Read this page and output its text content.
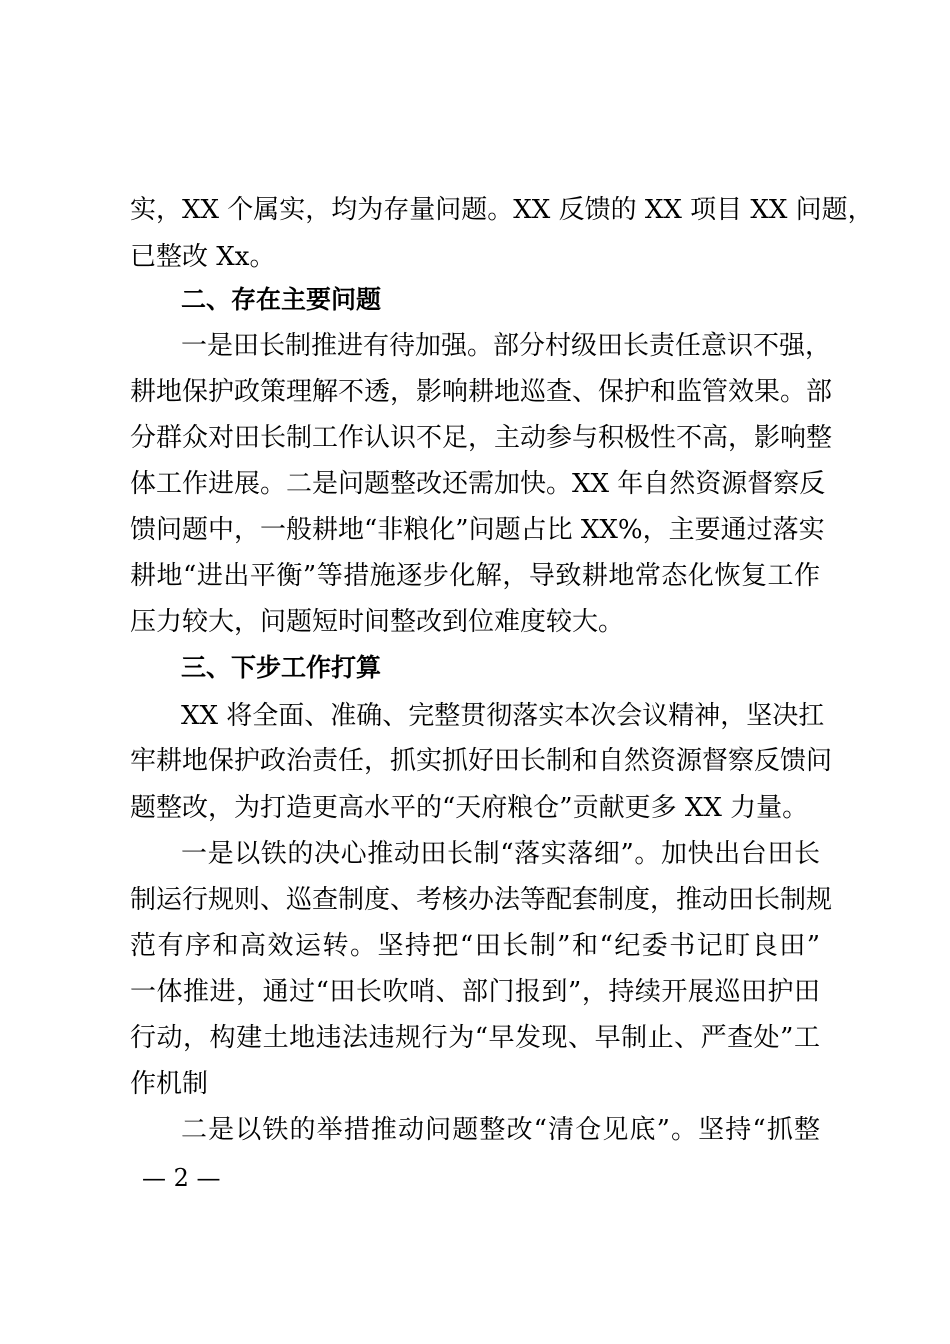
实，XX 个属实，均为存量问题。XX 反馈的 XX 项目 XX 问题，
已整改 Xx。
二、存在主要问题
一是田长制推进有待加强。部分村级田长责任意识不强，
耕地保护政策理解不透，影响耕地巡查、保护和监管效果。部
分群众对田长制工作认识不足，主动参与积极性不高，影响整
体工作进展。二是问题整改还需加快。XX 年自然资源督察反
馈问题中，一般耕地“非粮化”问题占比 XX%，主要通过落实
耕地“进出平衡”等措施逐步化解，导致耕地常态化恢复工作
压力较大，问题短时间整改到位难度较大。
三、下步工作打算
XX 将全面、准确、完整贯彻落实本次会议精神，坚决扛
牢耕地保护政治责任，抓实抓好田长制和自然资源督察反馈问
题整改，为打造更高水平的“天府粮仓”贡献更多 XX 力量。
一是以铁的决心推动田长制“落实落细”。加快出台田长
制运行规则、巡查制度、考核办法等配套制度，推动田长制规
范有序和高效运转。坚持把“田长制”和“纪委书记盯良田”
一体推进，通过“田长吹哨、部门报到”，持续开展巡田护田
行动，构建土地违法违规行为“早发现、早制止、严查处”工
作机制
二是以铁的举措推动问题整改“清仓见底”。坚持“抓整
— 2 —
